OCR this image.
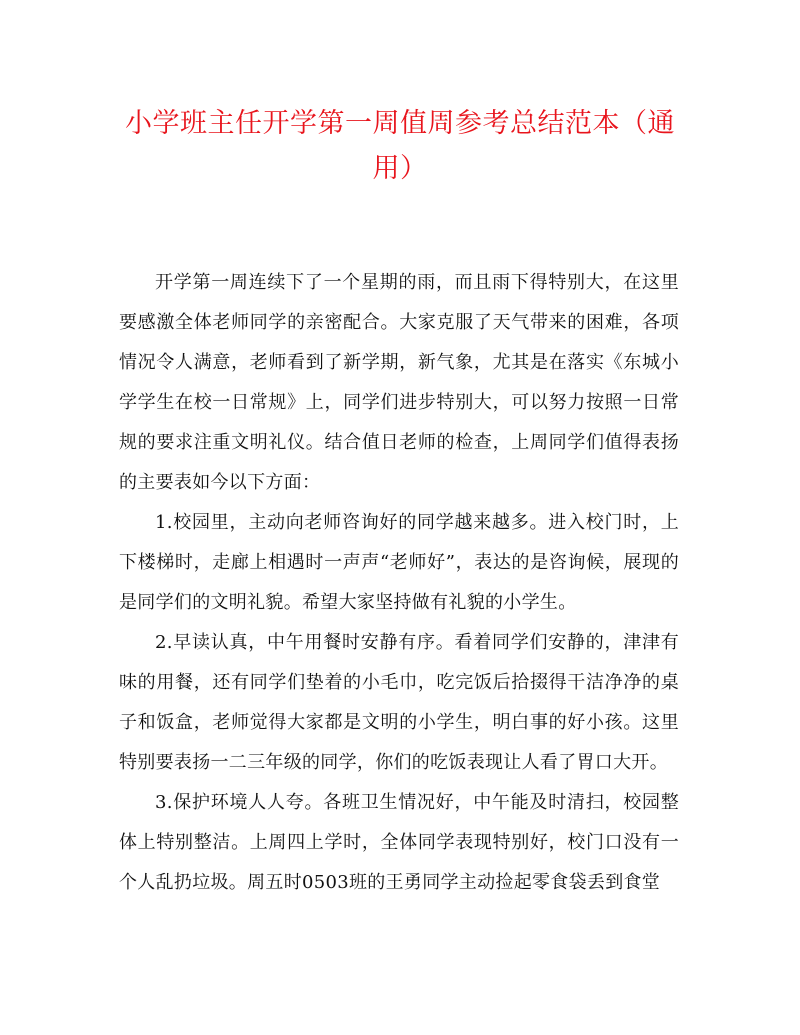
小学班主任开学第一周值周参考总结范本（通用）

开学第一周连续下了一个星期的雨，而且雨下得特别大，在这里要感激全体老师同学的亲密配合。大家克服了天气带来的困难，各项情况令人满意，老师看到了新学期，新气象，尤其是在落实《东城小学学生在校一日常规》上，同学们进步特别大，可以努力按照一日常规的要求注重文明礼仪。结合值日老师的检查，上周同学们值得表扬的主要表如今以下方面：

1.校园里，主动向老师咨询好的同学越来越多。进入校门时，上下楼梯时，走廊上相遇时一声声“老师好”，表达的是咨询候，展现的是同学们的文明礼貌。希望大家坚持做有礼貌的小学生。

2.早读认真，中午用餐时安静有序。看着同学们安静的，津津有味的用餐，还有同学们垫着的小毛巾，吃完饭后拾掇得干洁净净的桌子和饭盒，老师觉得大家都是文明的小学生，明白事的好小孩。这里特别要表扬一二三年级的同学，你们的吃饭表现让人看了胃口大开。

3.保护环境人人夸。各班卫生情况好，中午能及时清扫，校园整体上特别整洁。上周四上学时，全体同学表现特别好，校门口没有一个人乱扔垃圾。周五时0503班的王勇同学主动捡起零食袋丢到食堂
